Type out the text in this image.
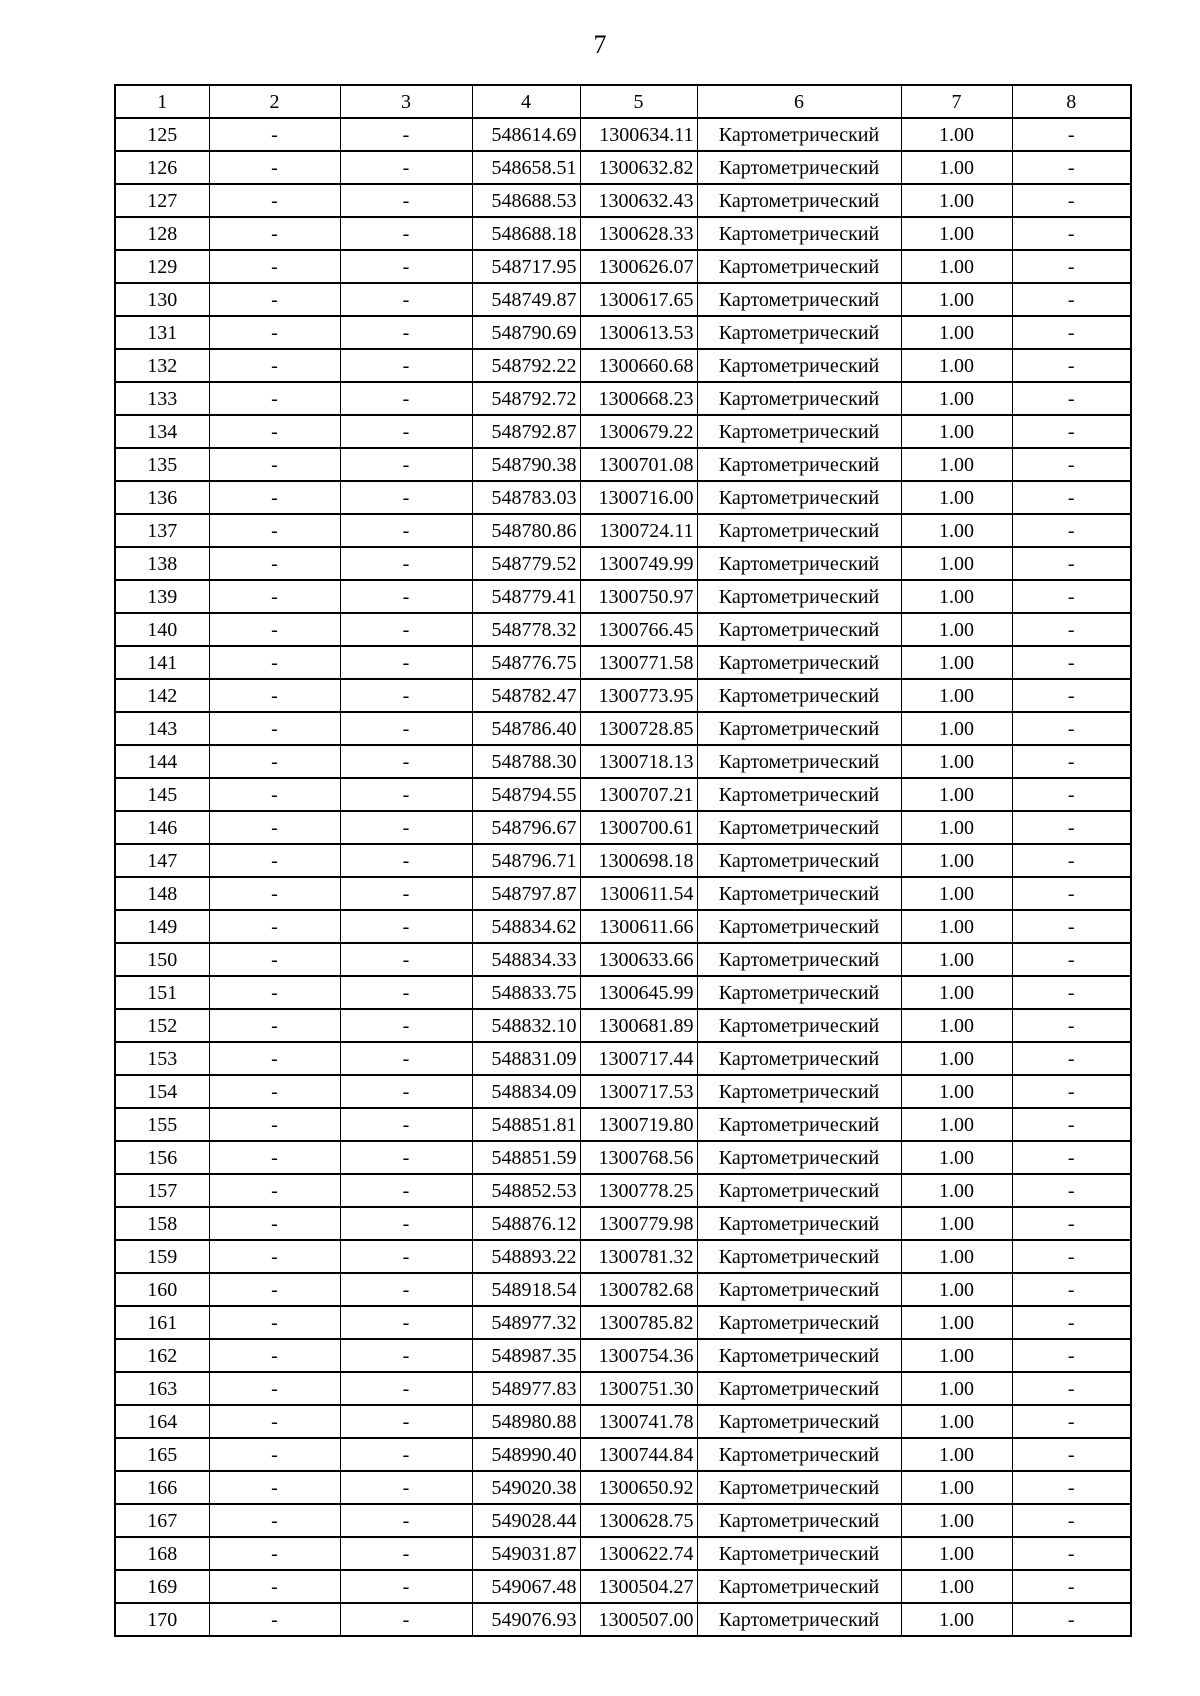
7
1	2	3	4	5	6	7	8
125	-	-	548614.69	1300634.11	Картометрический	1.00	-
126	-	-	548658.51	1300632.82	Картометрический	1.00	-
127	-	-	548688.53	1300632.43	Картометрический	1.00	-
128	-	-	548688.18	1300628.33	Картометрический	1.00	-
129	-	-	548717.95	1300626.07	Картометрический	1.00	-
130	-	-	548749.87	1300617.65	Картометрический	1.00	-
131	-	-	548790.69	1300613.53	Картометрический	1.00	-
132	-	-	548792.22	1300660.68	Картометрический	1.00	-
133	-	-	548792.72	1300668.23	Картометрический	1.00	-
134	-	-	548792.87	1300679.22	Картометрический	1.00	-
135	-	-	548790.38	1300701.08	Картометрический	1.00	-
136	-	-	548783.03	1300716.00	Картометрический	1.00	-
137	-	-	548780.86	1300724.11	Картометрический	1.00	-
138	-	-	548779.52	1300749.99	Картометрический	1.00	-
139	-	-	548779.41	1300750.97	Картометрический	1.00	-
140	-	-	548778.32	1300766.45	Картометрический	1.00	-
141	-	-	548776.75	1300771.58	Картометрический	1.00	-
142	-	-	548782.47	1300773.95	Картометрический	1.00	-
143	-	-	548786.40	1300728.85	Картометрический	1.00	-
144	-	-	548788.30	1300718.13	Картометрический	1.00	-
145	-	-	548794.55	1300707.21	Картометрический	1.00	-
146	-	-	548796.67	1300700.61	Картометрический	1.00	-
147	-	-	548796.71	1300698.18	Картометрический	1.00	-
148	-	-	548797.87	1300611.54	Картометрический	1.00	-
149	-	-	548834.62	1300611.66	Картометрический	1.00	-
150	-	-	548834.33	1300633.66	Картометрический	1.00	-
151	-	-	548833.75	1300645.99	Картометрический	1.00	-
152	-	-	548832.10	1300681.89	Картометрический	1.00	-
153	-	-	548831.09	1300717.44	Картометрический	1.00	-
154	-	-	548834.09	1300717.53	Картометрический	1.00	-
155	-	-	548851.81	1300719.80	Картометрический	1.00	-
156	-	-	548851.59	1300768.56	Картометрический	1.00	-
157	-	-	548852.53	1300778.25	Картометрический	1.00	-
158	-	-	548876.12	1300779.98	Картометрический	1.00	-
159	-	-	548893.22	1300781.32	Картометрический	1.00	-
160	-	-	548918.54	1300782.68	Картометрический	1.00	-
161	-	-	548977.32	1300785.82	Картометрический	1.00	-
162	-	-	548987.35	1300754.36	Картометрический	1.00	-
163	-	-	548977.83	1300751.30	Картометрический	1.00	-
164	-	-	548980.88	1300741.78	Картометрический	1.00	-
165	-	-	548990.40	1300744.84	Картометрический	1.00	-
166	-	-	549020.38	1300650.92	Картометрический	1.00	-
167	-	-	549028.44	1300628.75	Картометрический	1.00	-
168	-	-	549031.87	1300622.74	Картометрический	1.00	-
169	-	-	549067.48	1300504.27	Картометрический	1.00	-
170	-	-	549076.93	1300507.00	Картометрический	1.00	-
